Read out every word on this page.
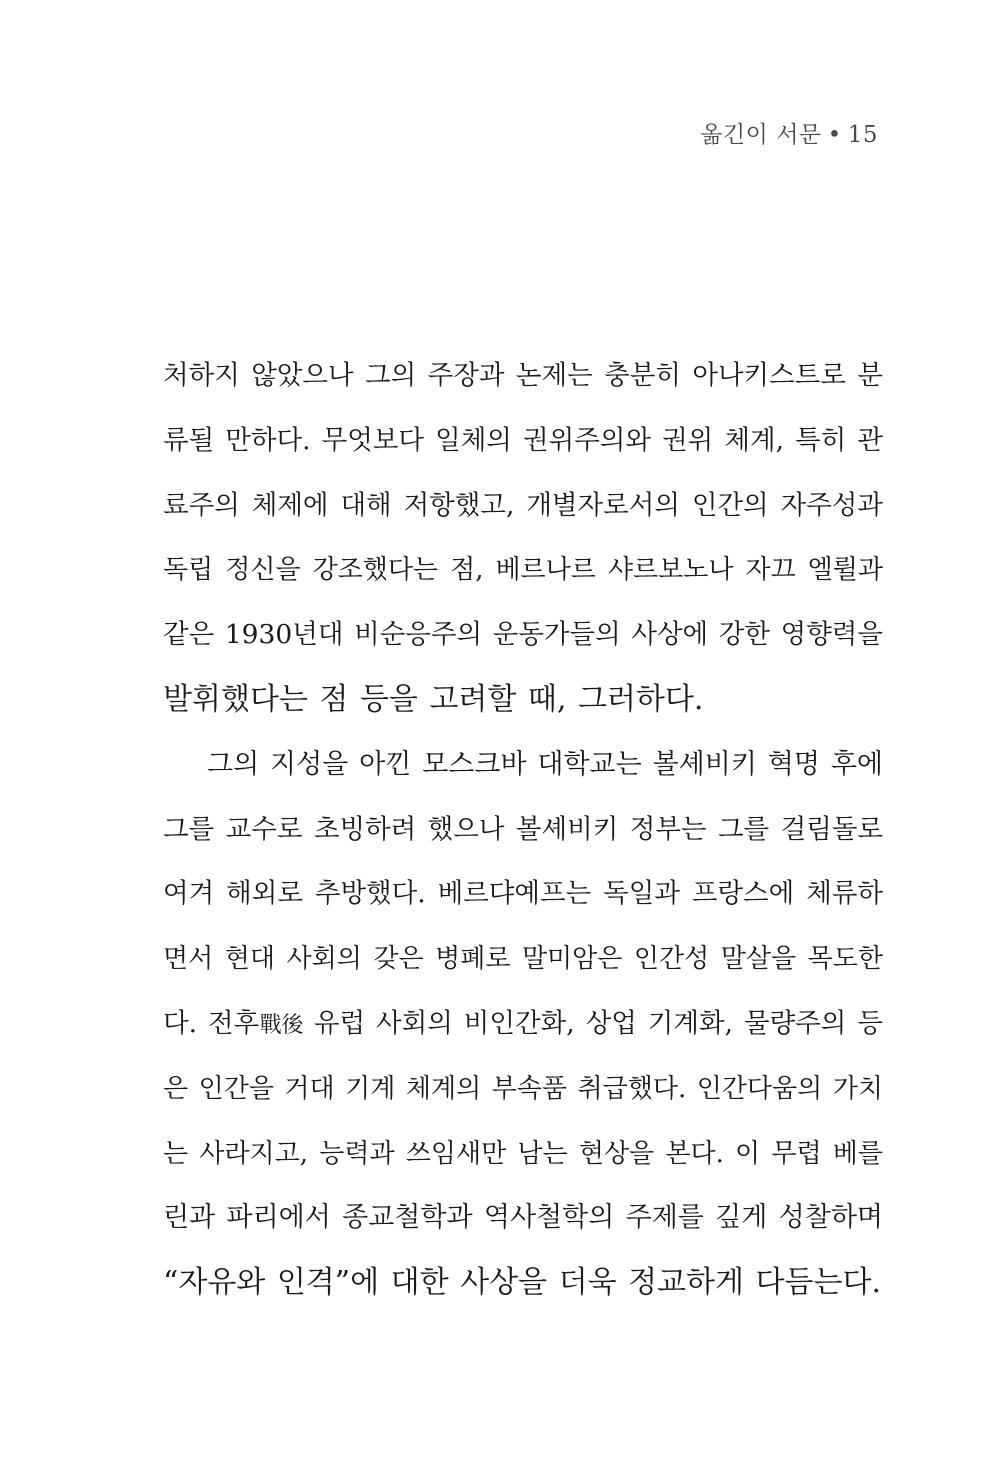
옮긴이 서문 • 15
처하지 않았으나 그의 주장과 논제는 충분히 아나키스트로 분
류될 만하다. 무엇보다 일체의 권위주의와 권위 체계, 특히 관
료주의 체제에 대해 저항했고, 개별자로서의 인간의 자주성과
독립 정신을 강조했다는 점, 베르나르 샤르보노나 자끄 엘륄과
같은 1930년대 비순응주의 운동가들의 사상에 강한 영향력을
발휘했다는 점 등을 고려할 때, 그러하다.
그의 지성을 아낀 모스크바 대학교는 볼셰비키 혁명 후에
그를 교수로 초빙하려 했으나 볼셰비키 정부는 그를 걸림돌로
여겨 해외로 추방했다. 베르댜예프는 독일과 프랑스에 체류하
면서 현대 사회의 갖은 병폐로 말미암은 인간성 말살을 목도한
다. 전후戰後 유럽 사회의 비인간화, 상업 기계화, 물량주의 등
은 인간을 거대 기계 체계의 부속품 취급했다. 인간다움의 가치
는 사라지고, 능력과 쓰임새만 남는 현상을 본다. 이 무렵 베를
린과 파리에서 종교철학과 역사철학의 주제를 깊게 성찰하며
“자유와 인격”에 대한 사상을 더욱 정교하게 다듬는다.
